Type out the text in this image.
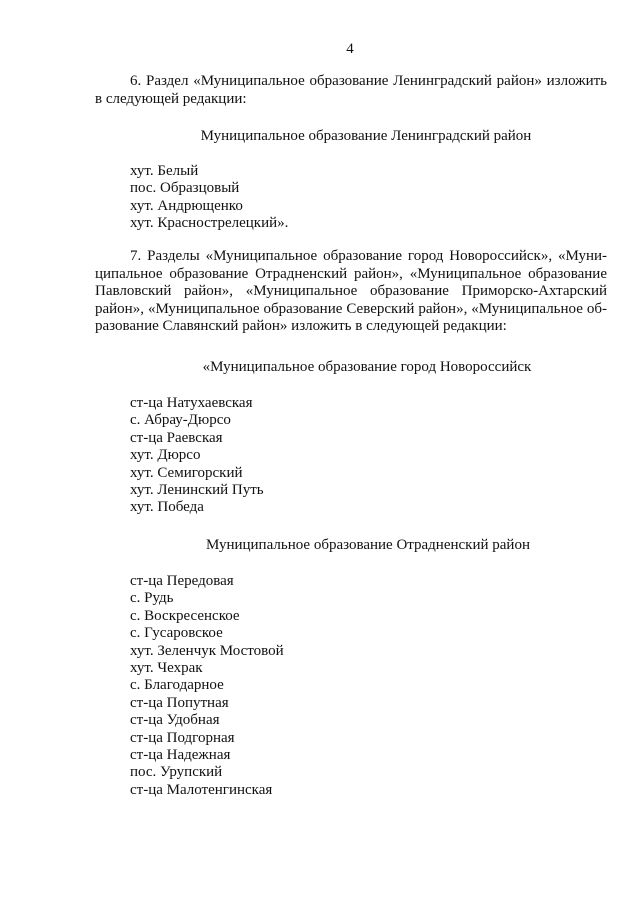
4
6. Раздел «Муниципальное образование Ленинградский район» изложить
в следующей редакции:
Муниципальное образование Ленинградский район
хут. Белый
пос. Образцовый
хут. Андрющенко
хут. Краснострелецкий».
7. Разделы «Муниципальное образование город Новороссийск», «Муни-
ципальное образование Отрадненский район», «Муниципальное образование
Павловский район», «Муниципальное образование Приморско-Ахтарский
район», «Муниципальное образование Северский район», «Муниципальное об-
разование Славянский район» изложить в следующей редакции:
«Муниципальное образование город Новороссийск
ст-ца Натухаевская
с. Абрау-Дюрсо
ст-ца Раевская
хут. Дюрсо
хут. Семигорский
хут. Ленинский Путь
хут. Победа
Муниципальное образование Отрадненский район
ст-ца Передовая
с. Рудь
с. Воскресенское
с. Гусаровское
хут. Зеленчук Мостовой
хут. Чехрак
с. Благодарное
ст-ца Попутная
ст-ца Удобная
ст-ца Подгорная
ст-ца Надежная
пос. Урупский
ст-ца Малотенгинская
